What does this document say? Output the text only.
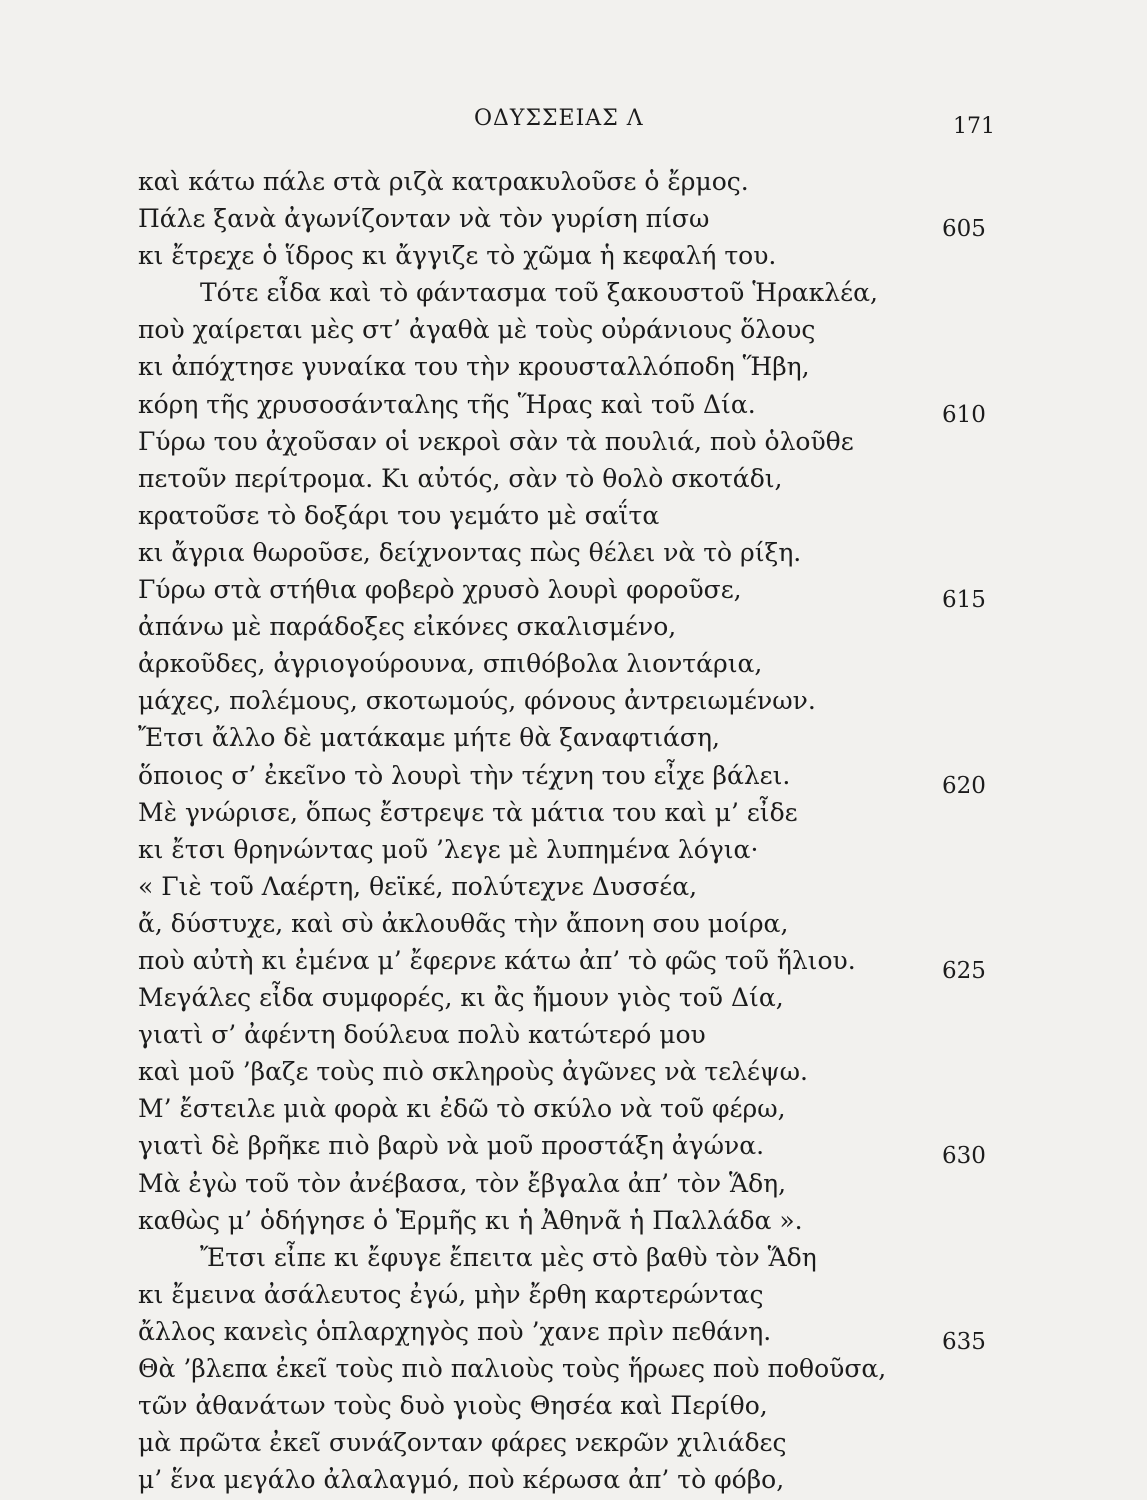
ΟΔΥΣΣΕΙΑΣ Λ	171
καὶ κάτω πάλε στὰ ριζὰ κατρακυλοῦσε ὁ ἔρμος.
Πάλε ξανὰ ἀγωνίζονταν νὰ τὸν γυρίση πίσω	605
κι ἔτρεχε ὁ ἵδρος κι ἄγγιζε τὸ χῶμα ἡ κεφαλή του.
Τότε εἶδα καὶ τὸ φάντασμα τοῦ ξακουστοῦ Ἡρακλέα,
ποὺ χαίρεται μὲς στ’ ἀγαθὰ μὲ τοὺς οὐράνιους ὅλους
κι ἀπόχτησε γυναίκα του τὴν κρουσταλλόποδη Ἥβη,
κόρη τῆς χρυσοσάνταλης τῆς Ἥρας καὶ τοῦ Δία.	610
Γύρω του ἀχοῦσαν οἱ νεκροὶ σὰν τὰ πουλιά, ποὺ ὁλοῦθε
πετοῦν περίτρομα. Κι αὐτός, σὰν τὸ θολὸ σκοτάδι,
κρατοῦσε τὸ δοξάρι του γεμάτο μὲ σαΐτα
κι ἄγρια θωροῦσε, δείχνοντας πὼς θέλει νὰ τὸ ρίξη.
Γύρω στὰ στήθια φοβερὸ χρυσὸ λουρὶ φοροῦσε,	615
ἀπάνω μὲ παράδοξες εἰκόνες σκαλισμένο,
ἀρκοῦδες, ἀγριογούρουνα, σπιθόβολα λιοντάρια,
μάχες, πολέμους, σκοτωμούς, φόνους ἀντρειωμένων.
Ἔτσι ἄλλο δὲ ματάκαμε μήτε θὰ ξαναφτιάση,
ὅποιος σ’ ἐκεῖνο τὸ λουρὶ τὴν τέχνη του εἶχε βάλει.	620
Μὲ γνώρισε, ὅπως ἔστρεψε τὰ μάτια του καὶ μ’ εἶδε
κι ἔτσι θρηνώντας μοῦ ’λεγε μὲ λυπημένα λόγια·
« Γιὲ τοῦ Λαέρτη, θεϊκέ, πολύτεχνε Δυσσέα,
ἄ, δύστυχε, καὶ σὺ ἀκλουθᾶς τὴν ἄπονη σου μοίρα,
ποὺ αὐτὴ κι ἐμένα μ’ ἔφερνε κάτω ἀπ’ τὸ φῶς τοῦ ἥλιου.	625
Μεγάλες εἶδα συμφορές, κι ἂς ἤμουν γιὸς τοῦ Δία,
γιατὶ σ’ ἀφέντη δούλευα πολὺ κατώτερό μου
καὶ μοῦ ’βαζε τοὺς πιὸ σκληροὺς ἀγῶνες νὰ τελέψω.
Μ’ ἔστειλε μιὰ φορὰ κι ἐδῶ τὸ σκύλο νὰ τοῦ φέρω,
γιατὶ δὲ βρῆκε πιὸ βαρὺ νὰ μοῦ προστάξη ἀγώνα.	630
Μὰ ἐγὼ τοῦ τὸν ἀνέβασα, τὸν ἔβγαλα ἀπ’ τὸν Ἅδη,
καθὼς μ’ ὁδήγησε ὁ Ἑρμῆς κι ἡ Ἀθηνᾶ ἡ Παλλάδα ».
Ἔτσι εἶπε κι ἔφυγε ἔπειτα μὲς στὸ βαθὺ τὸν Ἅδη
κι ἔμεινα ἀσάλευτος ἐγώ, μὴν ἔρθη καρτερώντας
ἄλλος κανεὶς ὁπλαρχηγὸς ποὺ ’χανε πρὶν πεθάνη.	635
Θὰ ’βλεπα ἐκεῖ τοὺς πιὸ παλιοὺς τοὺς ἥρωες ποὺ ποθοῦσα,
τῶν ἀθανάτων τοὺς δυὸ γιοὺς Θησέα καὶ Περίθο,
μὰ πρῶτα ἐκεῖ συνάζονταν φάρες νεκρῶν χιλιάδες
μ’ ἕνα μεγάλο ἀλαλαγμό, ποὺ κέρωσα ἀπ’ τὸ φόβο,
